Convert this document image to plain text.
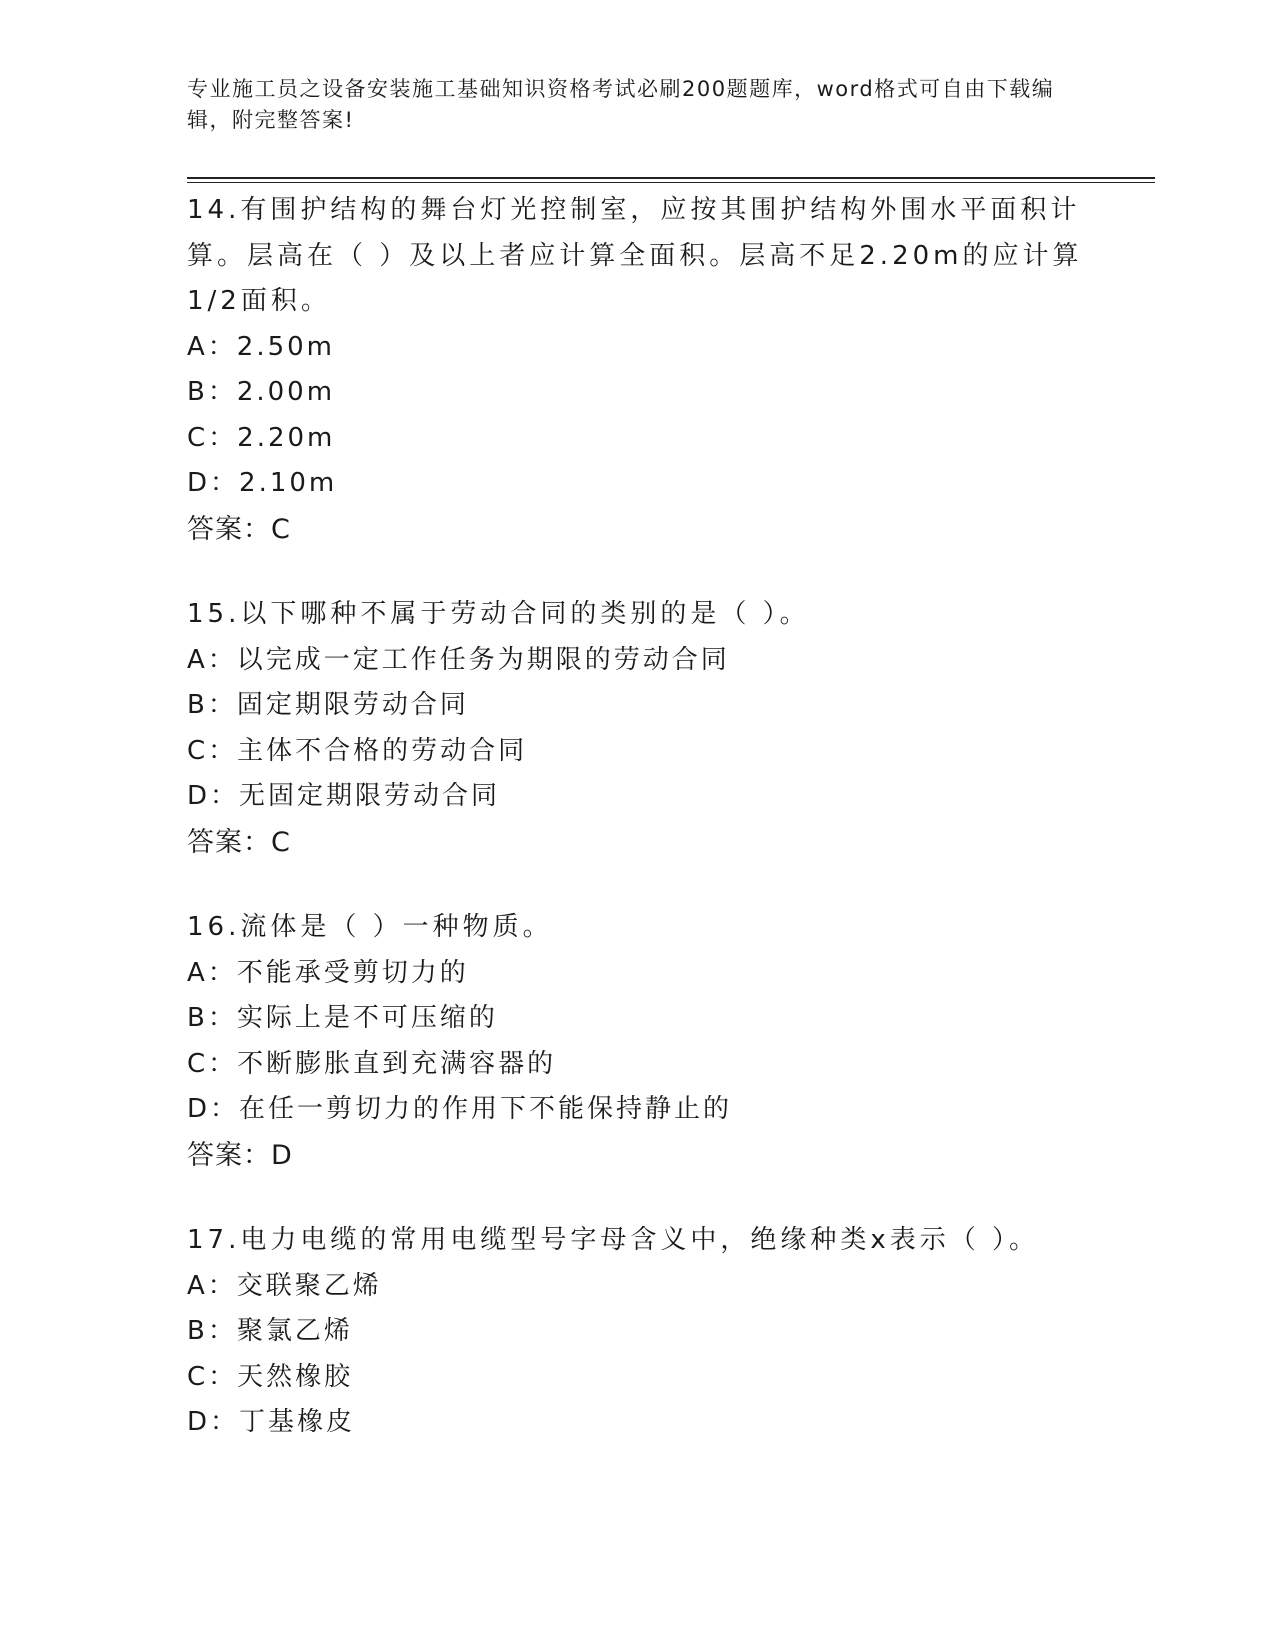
专业施工员之设备安装施工基础知识资格考试必刷200题题库，word格式可自由下载编辑，附完整答案!
14.有围护结构的舞台灯光控制室，应按其围护结构外围水平面积计算。层高在（ ）及以上者应计算全面积。层高不足2.20m的应计算1/2面积。
A：2.50m
B：2.00m
C：2.20m
D：2.10m
答案：C
15.以下哪种不属于劳动合同的类别的是（ ）。
A：以完成一定工作任务为期限的劳动合同
B：固定期限劳动合同
C：主体不合格的劳动合同
D：无固定期限劳动合同
答案：C
16.流体是（ ）一种物质。
A：不能承受剪切力的
B：实际上是不可压缩的
C：不断膨胀直到充满容器的
D：在任一剪切力的作用下不能保持静止的
答案：D
17.电力电缆的常用电缆型号字母含义中，绝缘种类x表示（ ）。
A：交联聚乙烯
B：聚氯乙烯
C：天然橡胶
D：丁基橡皮
